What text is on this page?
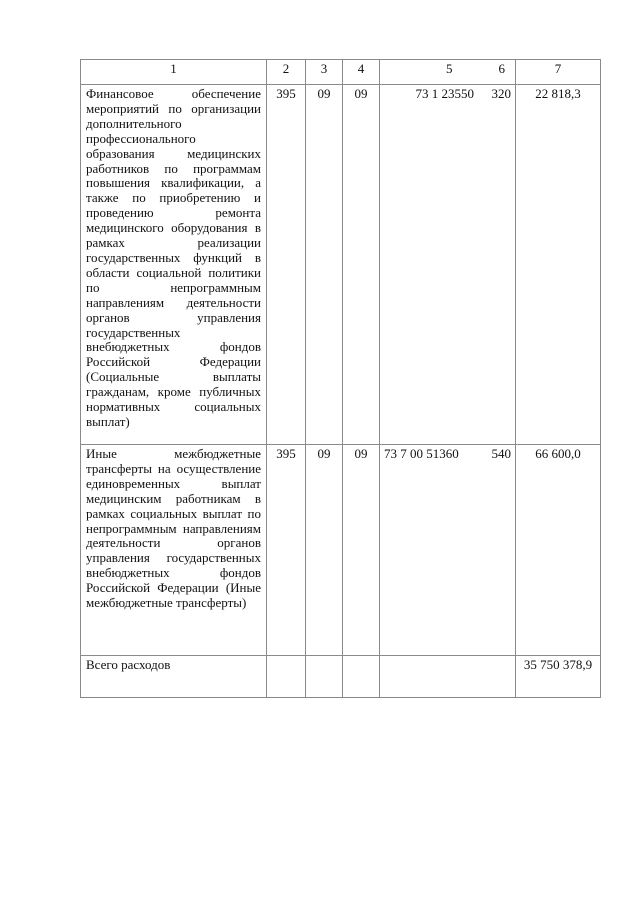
1	2	3	4	5 6	7
Финансовое обеспечение мероприятий по организации дополнительного профессионального образования медицинских работников по программам повышения квалификации, а также по приобретению и проведению ремонта медицинского оборудования в рамках реализации государственных функций в области социальной политики по непрограммным направлениям деятельности органов управления государственных внебюджетных фондов Российской Федерации (Социальные выплаты гражданам, кроме публичных нормативных социальных выплат)	395	09	09	73 1 23550 320	22 818,3
Иные межбюджетные трансферты на осуществление единовременных выплат медицинским работникам в рамках социальных выплат по непрограммным направлениям деятельности органов управления государственных внебюджетных фондов Российской Федерации (Иные межбюджетные трансферты)	395	09	09	73 7 00 51360 540	66 600,0
Всего расходов					35 750 378,9
